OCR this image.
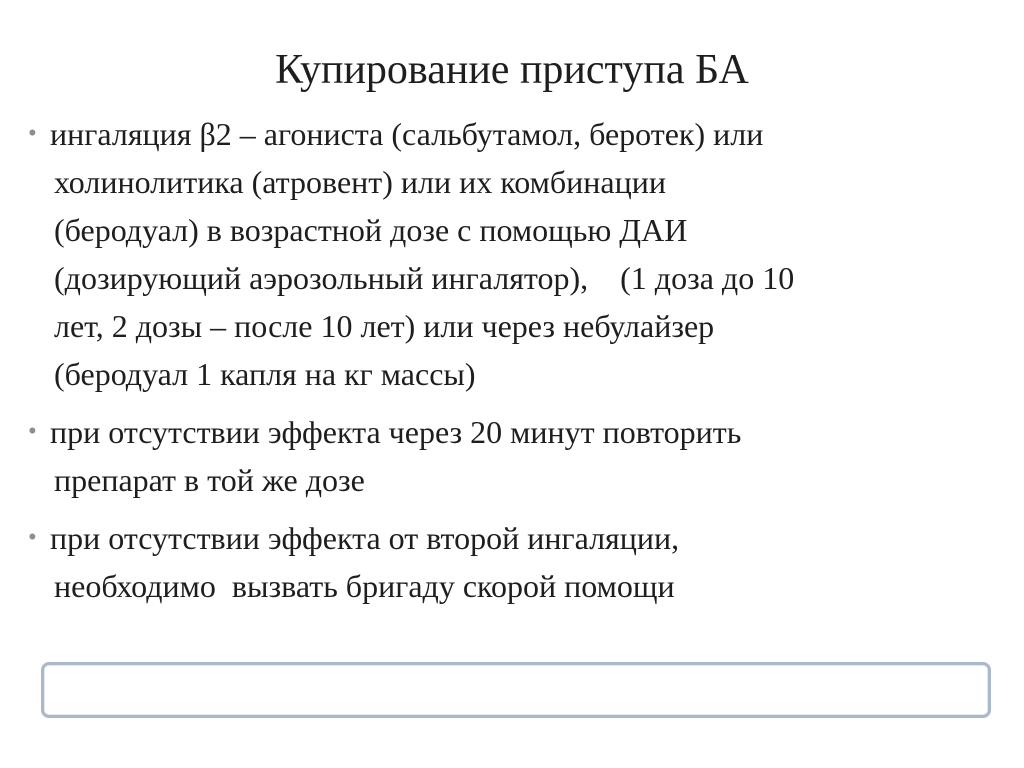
Купирование приступа БА
• ингаляция β2 – агониста (сальбутамол, беротек) или
холинолитика (атровент) или их комбинации
(беродуал) в возрастной дозе с помощью ДАИ
(дозирующий аэрозольный ингалятор),    (1 доза до 10
лет, 2 дозы – после 10 лет) или через небулайзер
(беродуал 1 капля на кг массы)
• при отсутствии эффекта через 20 минут повторить
препарат в той же дозе
• при отсутствии эффекта от второй ингаляции,
необходимо  вызвать бригаду скорой помощи
